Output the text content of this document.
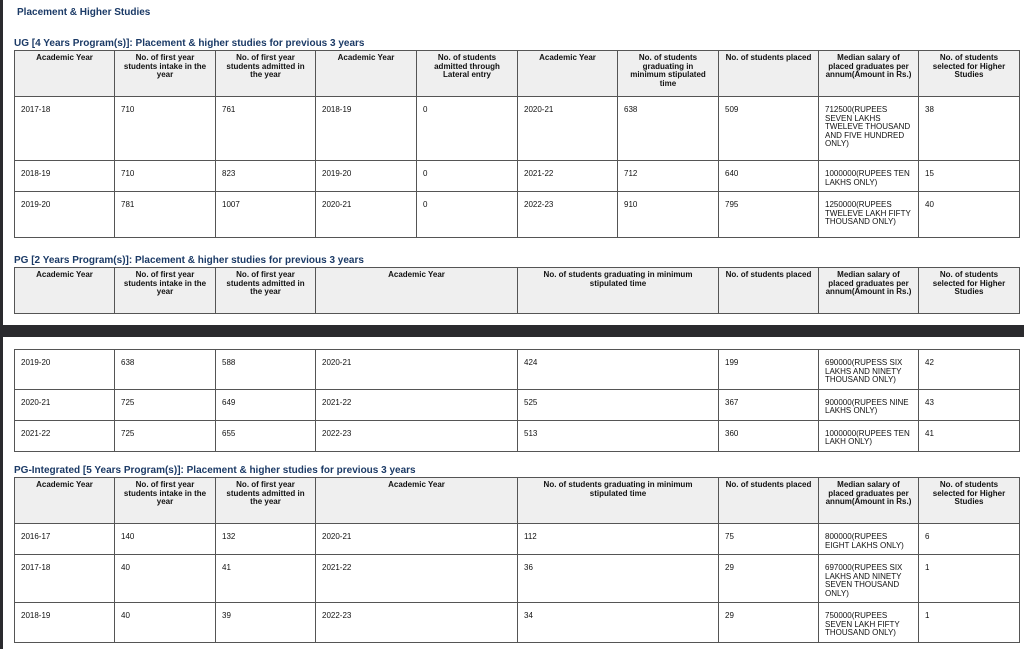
Placement & Higher Studies
UG [4 Years Program(s)]: Placement & higher studies for previous 3 years
Academic Year	No. of first year students intake in the year	No. of first year students admitted in the year	Academic Year	No. of students admitted through Lateral entry	Academic Year	No. of students graduating in minimum stipulated time	No. of students placed	Median salary of placed graduates per annum(Amount in Rs.)	No. of students selected for Higher Studies
2017-18	710	761	2018-19	0	2020-21	638	509	712500(RUPEES SEVEN LAKHS TWELEVE THOUSAND AND FIVE HUNDRED ONLY)	38
2018-19	710	823	2019-20	0	2021-22	712	640	1000000(RUPEES TEN LAKHS ONLY)	15
2019-20	781	1007	2020-21	0	2022-23	910	795	1250000(RUPEES TWELEVE LAKH FIFTY THOUSAND ONLY)	40
PG [2 Years Program(s)]: Placement & higher studies for previous 3 years
Academic Year	No. of first year students intake in the year	No. of first year students admitted in the year	Academic Year	No. of students graduating in minimum stipulated time	No. of students placed	Median salary of placed graduates per annum(Amount in Rs.)	No. of students selected for Higher Studies
2019-20	638	588	2020-21	424	199	690000(RUPESS SIX LAKHS AND NINETY THOUSAND ONLY)	42
2020-21	725	649	2021-22	525	367	900000(RUPEES NINE LAKHS ONLY)	43
2021-22	725	655	2022-23	513	360	1000000(RUPEES TEN LAKH ONLY)	41
PG-Integrated [5 Years Program(s)]: Placement & higher studies for previous 3 years
Academic Year	No. of first year students intake in the year	No. of first year students admitted in the year	Academic Year	No. of students graduating in minimum stipulated time	No. of students placed	Median salary of placed graduates per annum(Amount in Rs.)	No. of students selected for Higher Studies
2016-17	140	132	2020-21	112	75	800000(RUPEES EIGHT LAKHS ONLY)	6
2017-18	40	41	2021-22	36	29	697000(RUPEES SIX LAKHS AND NINETY SEVEN THOUSAND ONLY)	1
2018-19	40	39	2022-23	34	29	750000(RUPEES SEVEN LAKH FIFTY THOUSAND ONLY)	1
